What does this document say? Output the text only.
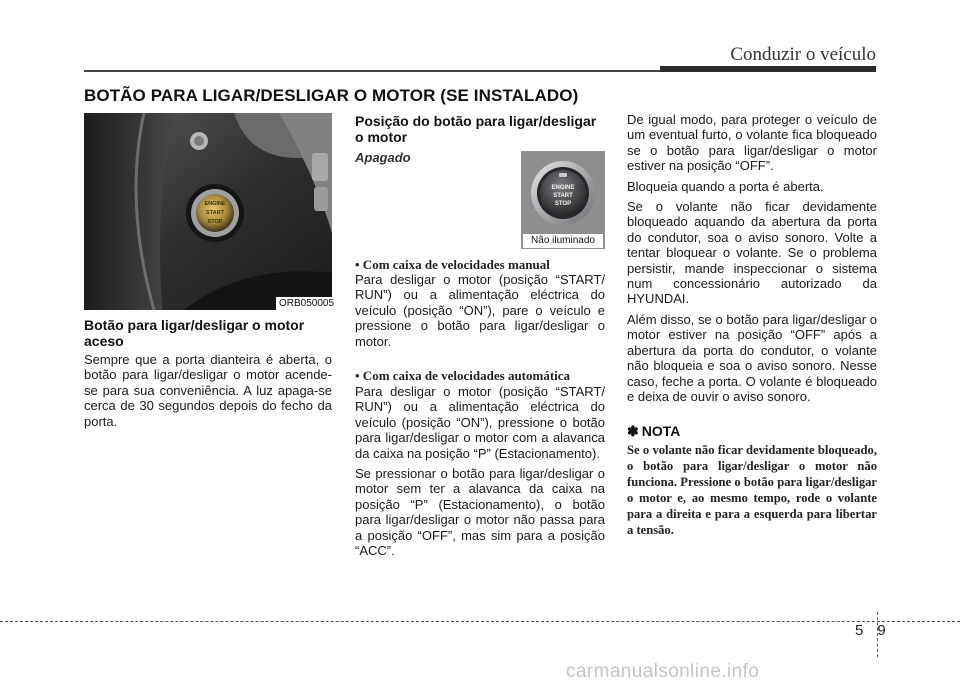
Conduzir o veículo
BOTÃO PARA LIGAR/DESLIGAR O MOTOR (SE INSTALADO)
ENGINE
START
STOP
ORB050005
Botão para ligar/desligar o motor aceso

Sempre que a porta dianteira é aberta, o botão para ligar/desligar o motor acende-se para sua conveniência. A luz apaga-se cerca de 30 segundos depois do fecho da porta.

Posição do botão para ligar/desligar o motor
Apagado
ENGINE
START
STOP
Não iluminado
• Com caixa de velocidades manual

Para desligar o motor (posição “START/ RUN”) ou a alimentação eléctrica do veículo (posição “ON”), pare o veículo e pressione o botão para ligar/desligar o motor.

• Com caixa de velocidades automática

Para desligar o motor (posição “START/ RUN”) ou a alimentação eléctrica do veículo (posição “ON”), pressione o botão para ligar/desligar o motor com a alavanca da caixa na posição “P” (Estacionamento).

Se pressionar o botão para ligar/desligar o motor sem ter a alavanca da caixa na posição “P” (Estacionamento), o botão para ligar/desligar o motor não passa para a posição “OFF”, mas sim para a posição “ACC”.

De igual modo, para proteger o veículo de um eventual furto, o volante fica bloqueado se o botão para ligar/desligar o motor estiver na posição “OFF”.

Bloqueia quando a porta é aberta.

Se o volante não ficar devidamente bloqueado aquando da abertura da porta do condutor, soa o aviso sonoro. Volte a tentar bloquear o volante. Se o problema persistir, mande inspeccionar o sistema num concessionário autorizado da HYUNDAI.

Além disso, se o botão para ligar/desligar o motor estiver na posição “OFF” após a abertura da porta do condutor, o volante não bloqueia e soa o aviso sonoro. Nesse caso, feche a porta. O volante é bloqueado e deixa de ouvir o aviso sonoro.

✽ NOTA
Se o volante não ficar devidamente bloqueado, o botão para ligar/desligar o motor não funciona. Pressione o botão para ligar/desligar o motor e, ao mesmo tempo, rode o volante para a direita e para a esquerda para libertar a tensão.
5 9
carmanualsonline.info
